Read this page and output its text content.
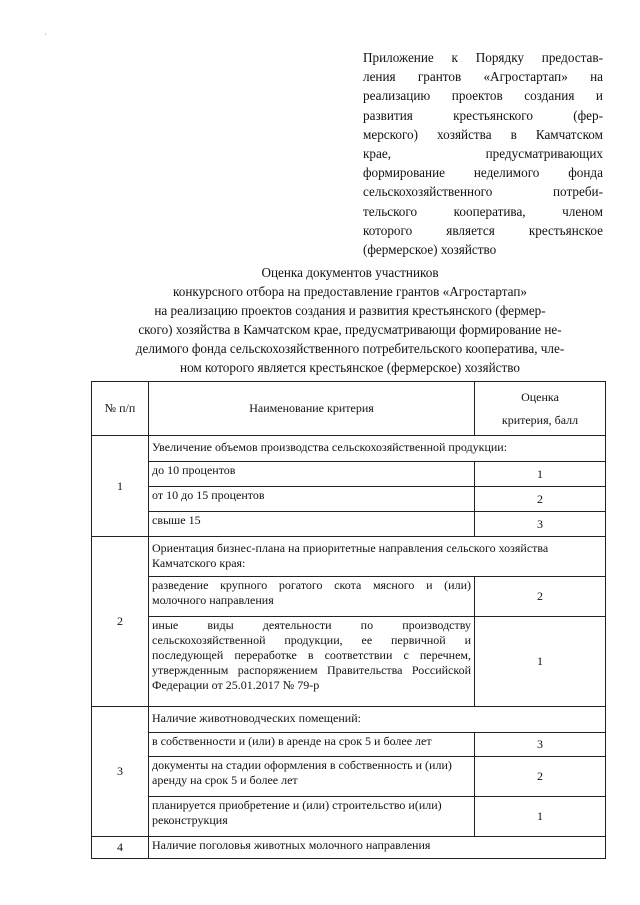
·
Приложение к Порядку предостав-
ления грантов «Агростартап» на
реализацию проектов создания и
развития крестьянского (фер-
мерского) хозяйства в Камчатском
крае, предусматривающих
формирование неделимого фонда
сельскохозяйственного потреби-
тельского кооператива, членом
которого является крестьянское
(фермерское) хозяйство
Оценка документов участников
конкурсного отбора на предоставление грантов «Агростартап»
на реализацию проектов создания и развития крестьянского (фермер-
ского) хозяйства в Камчатском крае, предусматривающи формирование не-
делимого фонда сельскохозяйственного потребительского кооператива, чле-
ном которого является крестьянское (фермерское) хозяйство
№ п/п	Наименование критерия	Оценка
критерия, балл

1	Увеличение объемов производства сельскохозяйственной продукции:	
	до 10 процентов	1
	от 10 до 15 процентов	2
	свыше 15	3
2	Ориентация бизнес-плана на приоритетные направления сельского хозяйства Камчатского края:	
	разведение крупного рогатого скота мясного и (или) молочного направления	2
	иные виды деятельности по производству сельскохозяйственной продукции, ее первичной и последующей переработке в соответствии с перечнем, утвержденным распоряжением Правительства Российской Федерации от 25.01.2017 № 79-р	1
3	Наличие животноводческих помещений:	
	в собственности и (или) в аренде на срок 5 и более лет	3
	документы на стадии оформления в собственность и (или) аренду на срок 5 и более лет	2
	планируется приобретение и (или) строительство и(или) реконструкция	1
4	Наличие поголовья животных молочного направления	
